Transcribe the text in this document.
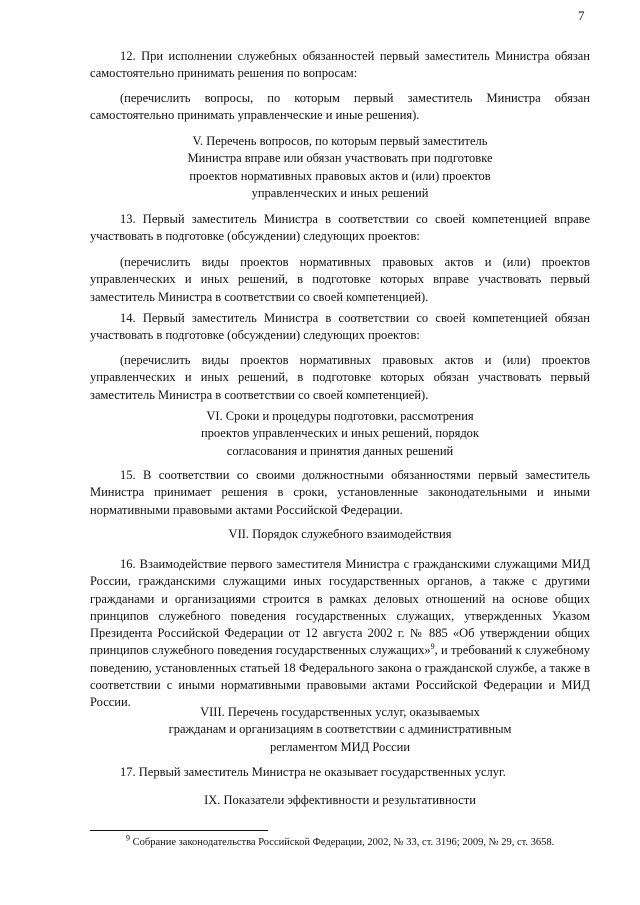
7

12. При исполнении служебных обязанностей первый заместитель Министра обязан самостоятельно принимать решения по вопросам:

(перечислить вопросы, по которым первый заместитель Министра обязан самостоятельно принимать управленческие и иные решения).

V. Перечень вопросов, по которым первый заместитель
Министра вправе или обязан участвовать при подготовке
проектов нормативных правовых актов и (или) проектов
управленческих и иных решений

13. Первый заместитель Министра в соответствии со своей компетенцией вправе участвовать в подготовке (обсуждении) следующих проектов:

(перечислить виды проектов нормативных правовых актов и (или) проектов управленческих и иных решений, в подготовке которых вправе участвовать первый заместитель Министра в соответствии со своей компетенцией).

14. Первый заместитель Министра в соответствии со своей компетенцией обязан участвовать в подготовке (обсуждении) следующих проектов:

(перечислить виды проектов нормативных правовых актов и (или) проектов управленческих и иных решений, в подготовке которых обязан участвовать первый заместитель Министра в соответствии со своей компетенцией).

VI. Сроки и процедуры подготовки, рассмотрения
проектов управленческих и иных решений, порядок
согласования и принятия данных решений

15. В соответствии со своими должностными обязанностями первый заместитель Министра принимает решения в сроки, установленные законодательными и иными нормативными правовыми актами Российской Федерации.

VII. Порядок служебного взаимодействия

16. Взаимодействие первого заместителя Министра с гражданскими служащими МИД России, гражданскими служащими иных государственных органов, а также с другими гражданами и организациями строится в рамках деловых отношений на основе общих принципов служебного поведения государственных служащих, утвержденных Указом Президента Российской Федерации от 12 августа 2002 г. № 885 «Об утверждении общих принципов служебного поведения государственных служащих»$^9$, и требований к служебному поведению, установленных статьей 18 Федерального закона о гражданской службе, а также в соответствии с иными нормативными правовыми актами Российской Федерации и МИД России.

VIII. Перечень государственных услуг, оказываемых
гражданам и организациям в соответствии с административным
регламентом МИД России

17. Первый заместитель Министра не оказывает государственных услуг.

IX. Показатели эффективности и результативности
$^9$ Собрание законодательства Российской Федерации, 2002, № 33, ст. 3196; 2009, № 29, ст. 3658.
